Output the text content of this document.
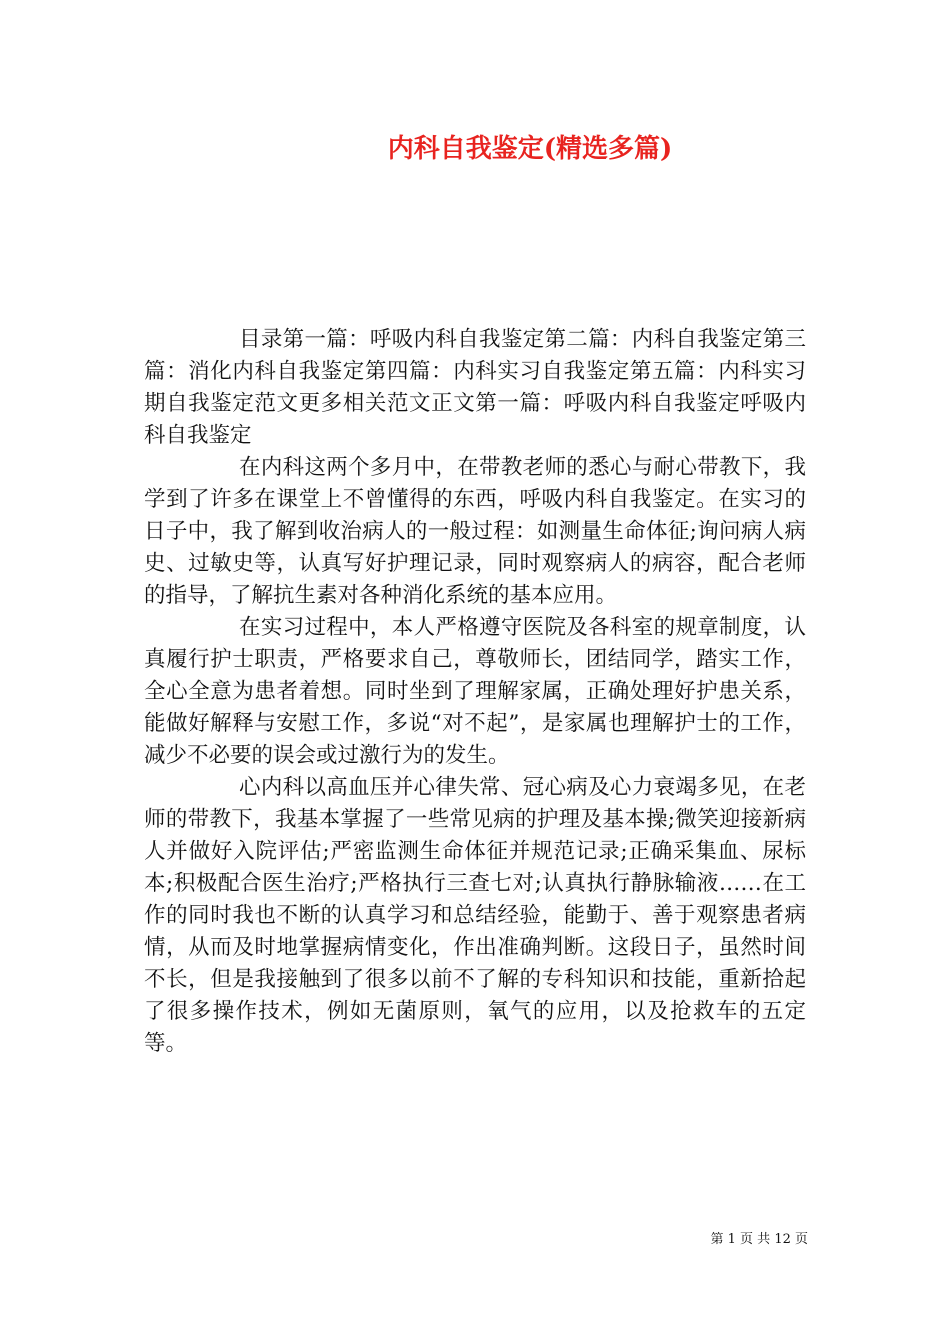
内科自我鉴定(精选多篇)

目录第一篇：呼吸内科自我鉴定第二篇：内科自我鉴定第三篇：消化内科自我鉴定第四篇：内科实习自我鉴定第五篇：内科实习期自我鉴定范文更多相关范文正文第一篇：呼吸内科自我鉴定呼吸内科自我鉴定

在内科这两个多月中，在带教老师的悉心与耐心带教下，我学到了许多在课堂上不曾懂得的东西，呼吸内科自我鉴定。在实习的日子中，我了解到收治病人的一般过程：如测量生命体征;询问病人病史、过敏史等，认真写好护理记录，同时观察病人的病容，配合老师的指导，了解抗生素对各种消化系统的基本应用。

在实习过程中，本人严格遵守医院及各科室的规章制度，认真履行护士职责，严格要求自己，尊敬师长，团结同学，踏实工作，全心全意为患者着想。同时坐到了理解家属，正确处理好护患关系，能做好解释与安慰工作，多说“对不起”，是家属也理解护士的工作，减少不必要的误会或过激行为的发生。

心内科以高血压并心律失常、冠心病及心力衰竭多见，在老师的带教下，我基本掌握了一些常见病的护理及基本操;微笑迎接新病人并做好入院评估;严密监测生命体征并规范记录;正确采集血、尿标本;积极配合医生治疗;严格执行三查七对;认真执行静脉输液……在工作的同时我也不断的认真学习和总结经验，能勤于、善于观察患者病情，从而及时地掌握病情变化，作出准确判断。这段日子，虽然时间不长，但是我接触到了很多以前不了解的专科知识和技能，重新拾起了很多操作技术，例如无菌原则，氧气的应用，以及抢救车的五定等。

第 1 页 共 12 页
